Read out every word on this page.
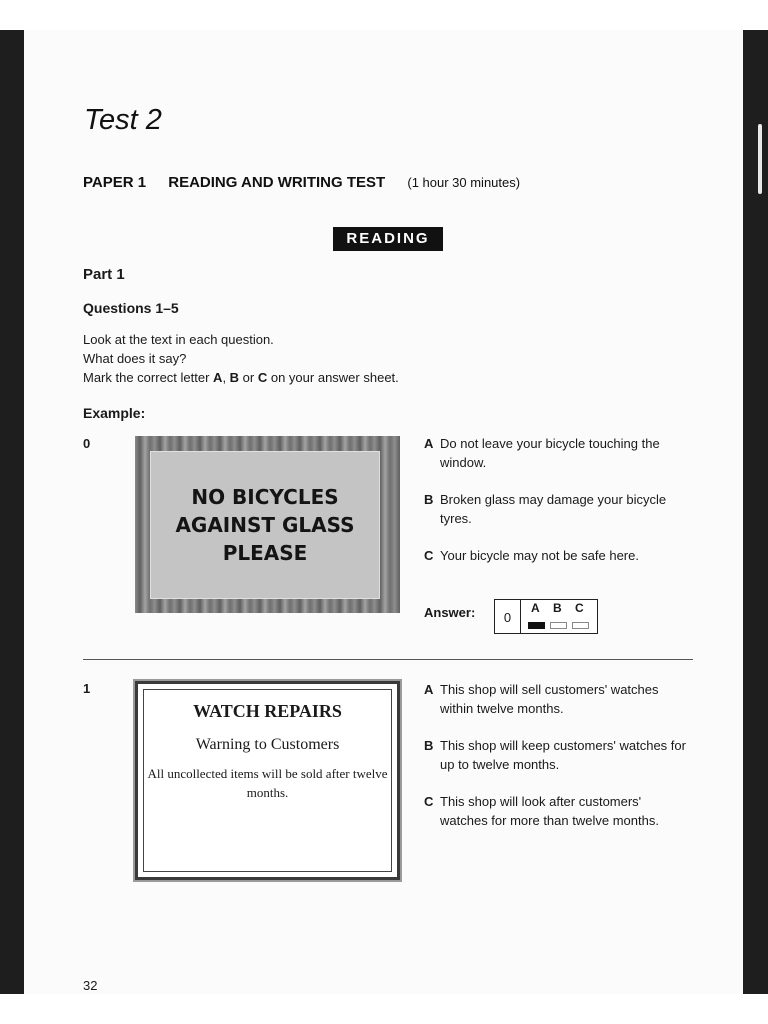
Test 2
PAPER 1 READING AND WRITING TEST (1 hour 30 minutes)
READING
Part 1
Questions 1–5
Look at the text in each question.
What does it say?
Mark the correct letter A, B or C on your answer sheet.
Example:
0
NO BICYCLES
AGAINST GLASS
PLEASE
A Do not leave your bicycle touching the window.
B Broken glass may damage your bicycle tyres.
C Your bicycle may not be safe here.
Answer:	0
A B C
1
WATCH REPAIRS
Warning to Customers
All uncollected items will be sold after twelve months.
A This shop will sell customers' watches within twelve months.
B This shop will keep customers' watches for up to twelve months.
C This shop will look after customers' watches for more than twelve months.
32
